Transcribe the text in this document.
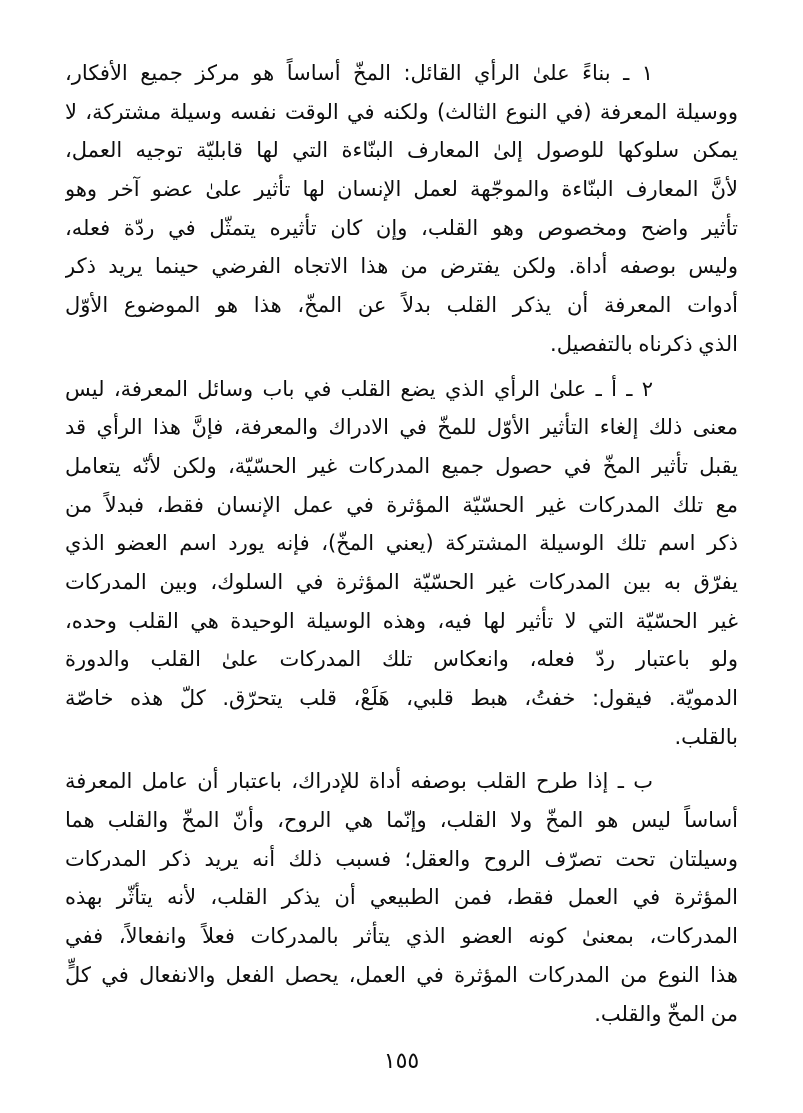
١ ـ بناءً علىٰ الرأي القائل: المخّ أساساً هو مركز جميع الأفكار،
ووسيلة المعرفة (في النوع الثالث) ولكنه في الوقت نفسه وسيلة مشتركة، لا
يمكن سلوكها للوصول إلىٰ المعارف البنّاءة التي لها قابليّة توجيه العمل،
لأنَّ المعارف البنّاءة والموجّهة لعمل الإنسان لها تأثير علىٰ عضو آخر وهو
تأثير واضح ومخصوص وهو القلب، وإن كان تأثيره يتمثّل في ردّة فعله،
وليس بوصفه أداة. ولكن يفترض من هذا الاتجاه الفرضي حينما يريد ذكر
أدوات المعرفة أن يذكر القلب بدلاً عن المخّ، هذا هو الموضوع الأوّل
الذي ذكرناه بالتفصيل.
٢ ـ أ ـ علىٰ الرأي الذي يضع القلب في باب وسائل المعرفة، ليس
معنى ذلك إلغاء التأثير الأوّل للمخّ في الادراك والمعرفة، فإنَّ هذا الرأي قد
يقبل تأثير المخّ في حصول جميع المدركات غير الحسّيّة، ولكن لأنّه يتعامل
مع تلك المدركات غير الحسّيّة المؤثرة في عمل الإنسان فقط، فبدلاً من
ذكر اسم تلك الوسيلة المشتركة (يعني المخّ)، فإنه يورد اسم العضو الذي
يفرّق به بين المدركات غير الحسّيّة المؤثرة في السلوك، وبين المدركات
غير الحسّيّة التي لا تأثير لها فيه، وهذه الوسيلة الوحيدة هي القلب وحده،
ولو باعتبار ردّ فعله، وانعكاس تلك المدركات علىٰ القلب والدورة
الدمويّة. فيقول: خفتُ، هبط قلبي، هَلَعْ، قلب يتحرّق. كلّ هذه خاصّة
بالقلب.
ب ـ إذا طرح القلب بوصفه أداة للإدراك، باعتبار أن عامل المعرفة
أساساً ليس هو المخّ ولا القلب، وإنّما هي الروح، وأنّ المخّ والقلب هما
وسيلتان تحت تصرّف الروح والعقل؛ فسبب ذلك أنه يريد ذكر المدركات
المؤثرة في العمل فقط، فمن الطبيعي أن يذكر القلب، لأنه يتأثّر بهذه
المدركات، بمعنىٰ كونه العضو الذي يتأثر بالمدركات فعلاً وانفعالاً، ففي
هذا النوع من المدركات المؤثرة في العمل، يحصل الفعل والانفعال في كلٍّ
من المخّ والقلب.
١٥٥
